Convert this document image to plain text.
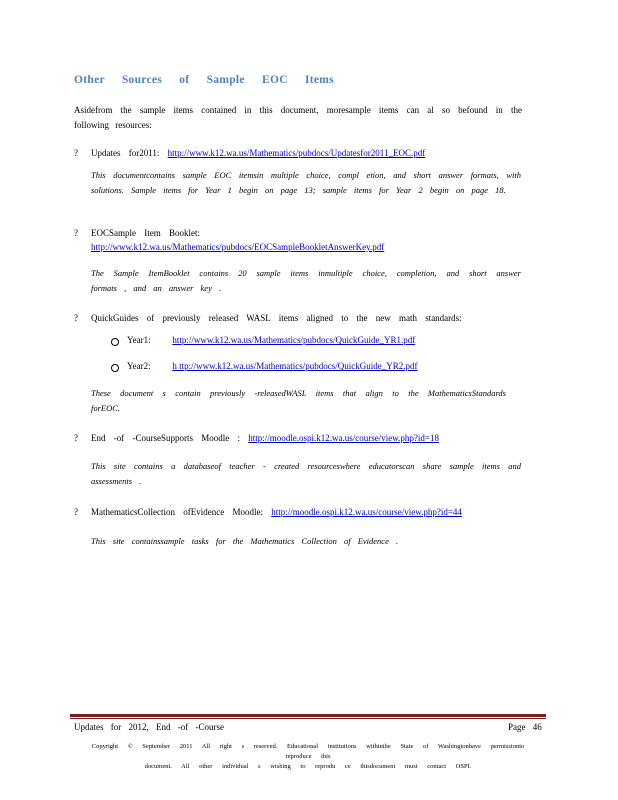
Other Sources of Sample EOC Items
Asidefrom the sample items contained in this document, moresample items can al so befound in the following resources:
? Updates for2011: http://www.k12.wa.us/Mathematics/pubdocs/Updatesfor2011_EOC.pdf
This documentcontains sample EOC itemsin multiple choice, compl etion, and short answer formats, with solutions. Sample items for Year 1 begin on page 13; sample items for Year 2 begin on page 18.
? EOCSample Item Booklet:
http://www.k12.wa.us/Mathematics/pubdocs/EOCSampleBookletAnswerKey.pdf
The Sample ItemBooklet contains 20 sample items inmultiple choice, completion, and short answer formats , and an answer key .
? QuickGuides of previously released WASL items aligned to the new math standards:
Year1: http://www.k12.wa.us/Mathematics/pubdocs/QuickGuide_YR1.pdf
Year2: h ttp://www.k12.wa.us/Mathematics/pubdocs/QuickGuide_YR2.pdf
These document s contain previously -releasedWASL items that align to the MathematicsStandards forEOC.
? End -of -CourseSupports Moodle : http://moodle.ospi.k12.wa.us/course/view.php?id=18
This site contains a databaseof teacher - created resourceswhere educatorscan share sample items and assessments .
? MathematicsCollection ofEvidence Moodle: http://moodle.ospi.k12.wa.us/course/view.php?id=44
This site containssample tasks for the Mathematics Collection of Evidence .
Updates for 2012, End -of -Course	Page 46
Copyright © September 2011 All right s reserved. Educational institutions withinthe State of Washingtonhave permissionto reproduce this
document. All other individual s wishing to reprodu ce thisdocument must contact OSPI.
